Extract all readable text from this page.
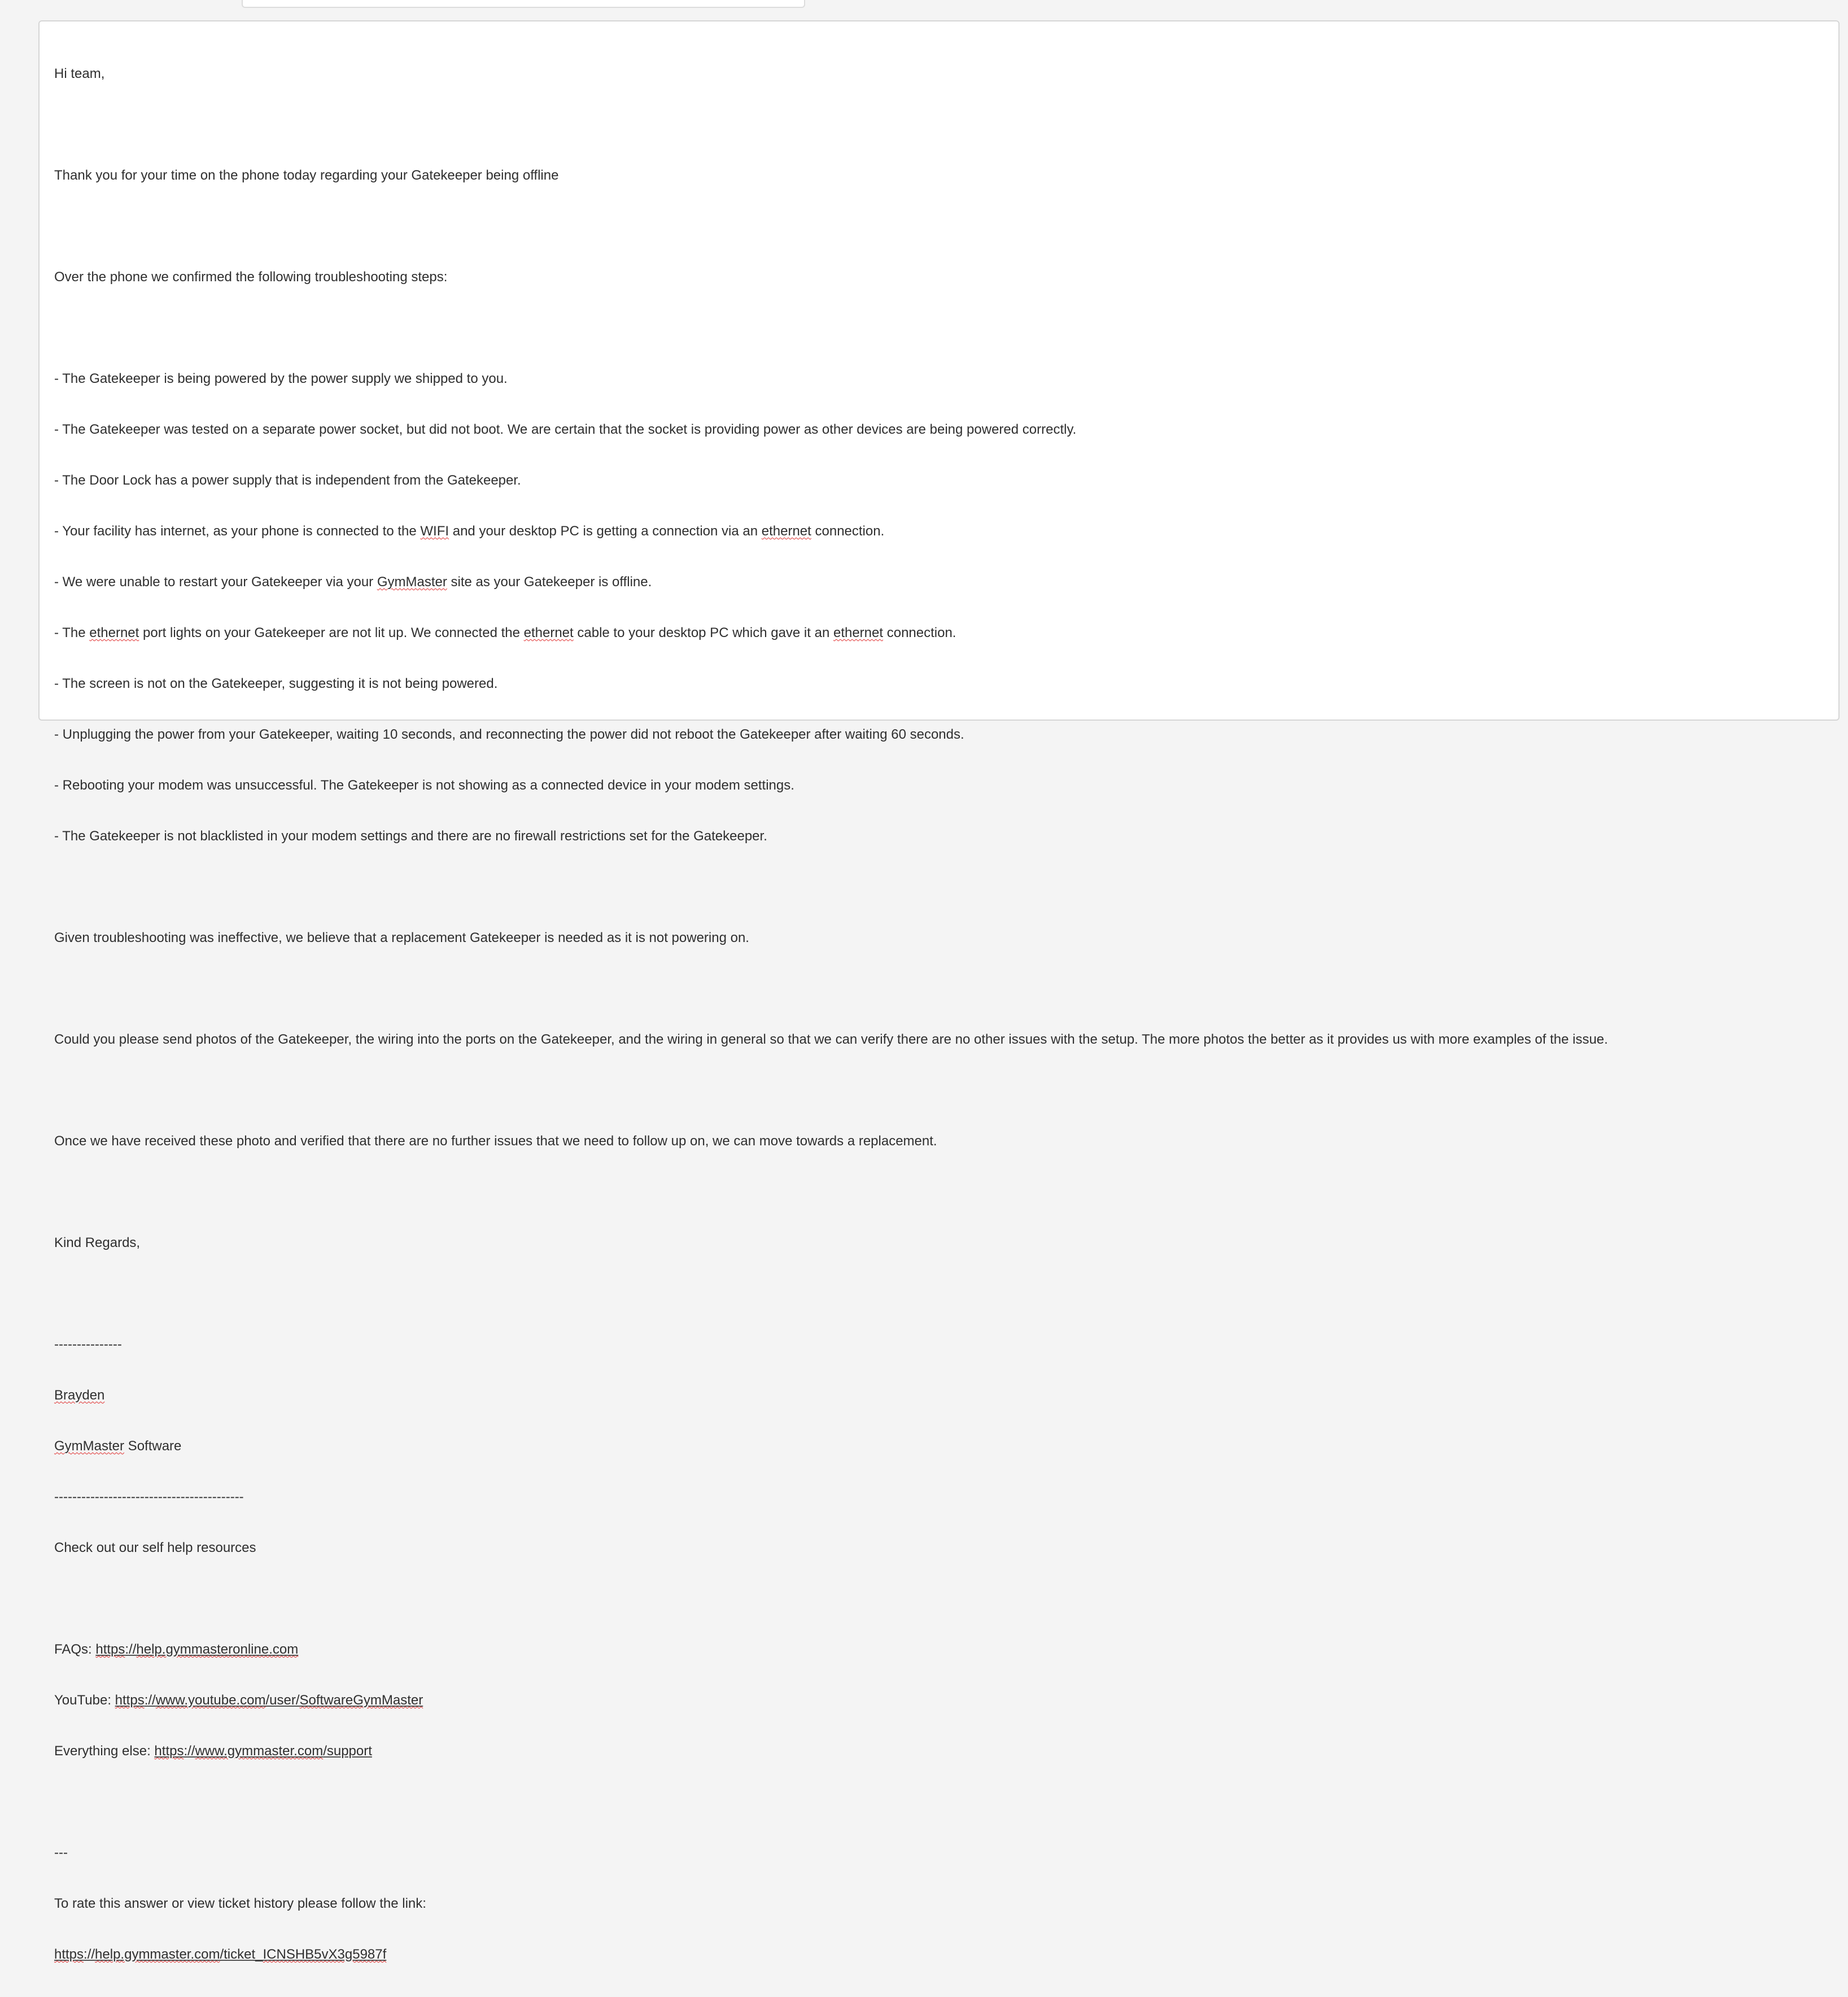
Hi team,

Thank you for your time on the phone today regarding your Gatekeeper being offline

Over the phone we confirmed the following troubleshooting steps:

- The Gatekeeper is being powered by the power supply we shipped to you.

- The Gatekeeper was tested on a separate power socket, but did not boot. We are certain that the socket is providing power as other devices are being powered correctly.

- The Door Lock has a power supply that is independent from the Gatekeeper.

- Your facility has internet, as your phone is connected to the WIFI and your desktop PC is getting a connection via an ethernet connection.

- We were unable to restart your Gatekeeper via your GymMaster site as your Gatekeeper is offline.

- The ethernet port lights on your Gatekeeper are not lit up. We connected the ethernet cable to your desktop PC which gave it an ethernet connection.

- The screen is not on the Gatekeeper, suggesting it is not being powered.

- Unplugging the power from your Gatekeeper, waiting 10 seconds, and reconnecting the power did not reboot the Gatekeeper after waiting 60 seconds.

- Rebooting your modem was unsuccessful. The Gatekeeper is not showing as a connected device in your modem settings.

- The Gatekeeper is not blacklisted in your modem settings and there are no firewall restrictions set for the Gatekeeper.

Given troubleshooting was ineffective, we believe that a replacement Gatekeeper is needed as it is not powering on.

Could you please send photos of the Gatekeeper, the wiring into the ports on the Gatekeeper, and the wiring in general so that we can verify there are no other issues with the setup. The more photos the better as it provides us with more examples of the issue.

Once we have received these photo and verified that there are no further issues that we need to follow up on, we can move towards a replacement.

Kind Regards,

---------------

Brayden

GymMaster Software

------------------------------------------

Check out our self help resources

FAQs: https://help.gymmasteronline.com

YouTube: https://www.youtube.com/user/SoftwareGymMaster

Everything else: https://www.gymmaster.com/support

---

To rate this answer or view ticket history please follow the link:

https://help.gymmaster.com/ticket_ICNSHB5vX3g5987f
